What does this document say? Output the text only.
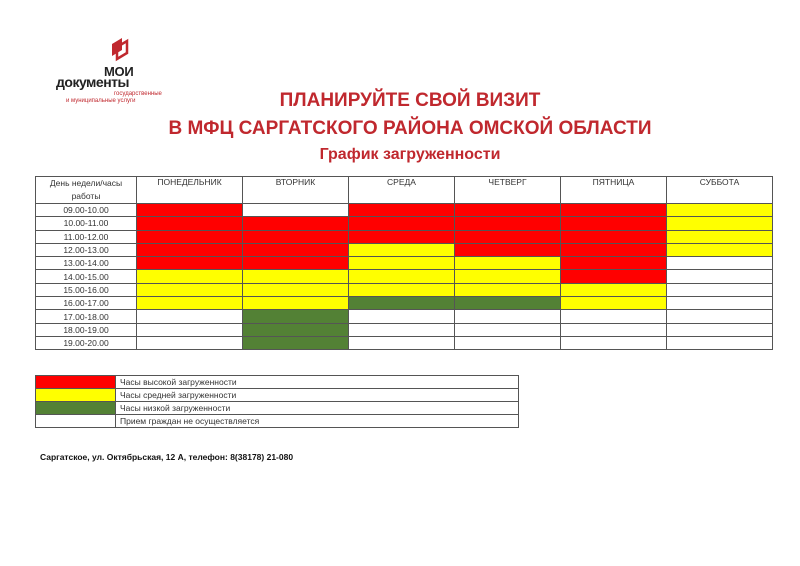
МОИ
документы
государственные
и муниципальные услуги	ПЛАНИРУЙТЕ СВОЙ ВИЗИТ
В МФЦ САРГАТСКОГО РАЙОНА ОМСКОЙ ОБЛАСТИ
График загруженности
День недели/часы
работы	ПОНЕДЕЛЬНИК	ВТОРНИК	СРЕДА	ЧЕТВЕРГ	ПЯТНИЦА	СУББОТА
09.00-10.00						
10.00-11.00						
11.00-12.00						
12.00-13.00						
13.00-14.00						
14.00-15.00						
15.00-16.00						
16.00-17.00						
17.00-18.00						
18.00-19.00						
19.00-20.00						
	Часы высокой загруженности
	Часы средней загруженности
	Часы низкой загруженности
	Прием граждан не осуществляется
Саргатское, ул. Октябрьская, 12 А, телефон: 8(38178) 21-080
